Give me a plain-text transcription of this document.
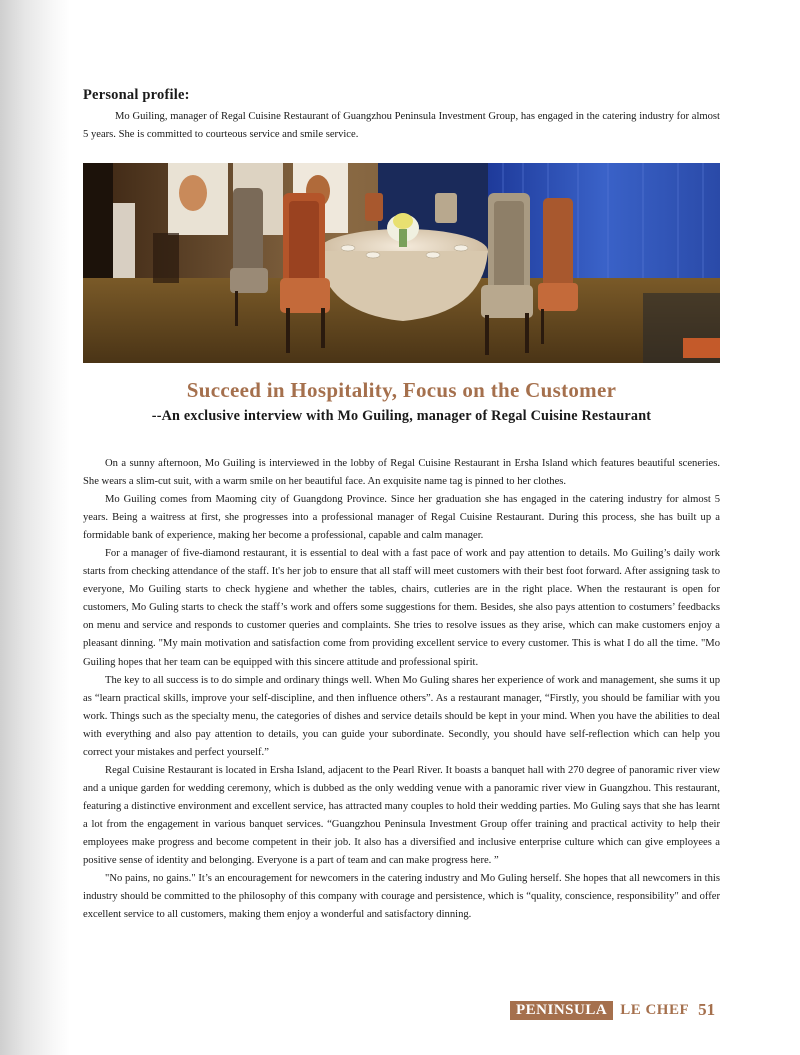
Personal profile:

Mo Guiling, manager of Regal Cuisine Restaurant of Guangzhou Peninsula Investment Group, has engaged in the catering industry for almost 5 years. She is committed to courteous service and smile service.

Succeed in Hospitality, Focus on the Customer
--An exclusive interview with Mo Guiling, manager of Regal Cuisine Restaurant

On a sunny afternoon, Mo Guiling is interviewed in the lobby of Regal Cuisine Restaurant in Ersha Island which features beautiful sceneries. She wears a slim-cut suit, with a warm smile on her beautiful face. An exquisite name tag is pinned to her clothes.

Mo Guiling comes from Maoming city of Guangdong Province. Since her graduation she has engaged in the catering industry for almost 5 years. Being a waitress at first, she progresses into a professional manager of Regal Cuisine Restaurant. During this process, she has built up a formidable bank of experience, making her become a professional, capable and calm manager.

For a manager of five-diamond restaurant, it is essential to deal with a fast pace of work and pay attention to details. Mo Guiling’s daily work starts from checking attendance of the staff. It's her job to ensure that all staff will meet customers with their best foot forward. After assigning task to everyone, Mo Guiling starts to check hygiene and whether the tables, chairs, cutleries are in the right place. When the restaurant is open for customers, Mo Guling starts to check the staff’s work and offers some suggestions for them. Besides, she also pays attention to costumers’ feedbacks on menu and service and responds to customer queries and complaints. She tries to resolve issues as they arise, which can make customers enjoy a pleasant dinning. "My main motivation and satisfaction come from providing excellent service to every customer. This is what I do all the time. "Mo Guiling hopes that her team can be equipped with this sincere attitude and professional spirit.

The key to all success is to do simple and ordinary things well. When Mo Guling shares her experience of work and management, she sums it up as “learn practical skills, improve your self-discipline, and then influence others”. As a restaurant manager, “Firstly, you should be familiar with you work. Things such as the specialty menu, the categories of dishes and service details should be kept in your mind. When you have the abilities to deal with everything and also pay attention to details, you can guide your subordinate. Secondly, you should have self-reflection which can help you correct your mistakes and perfect yourself.”

Regal Cuisine Restaurant is located in Ersha Island, adjacent to the Pearl River. It boasts a banquet hall with 270 degree of panoramic river view and a unique garden for wedding ceremony, which is dubbed as the only wedding venue with a panoramic river view in Guangzhou. This restaurant, featuring a distinctive environment and excellent service, has attracted many couples to hold their wedding parties. Mo Guling says that she has learnt a lot from the engagement in various banquet services. “Guangzhou Peninsula Investment Group offer training and practical activity to help their employees make progress and become competent in their job. It also has a diversified and inclusive enterprise culture which can give employees a positive sense of identity and belonging. Everyone is a part of team and can make progress here. ”

"No pains, no gains." It’s an encouragement for newcomers in the catering industry and Mo Guling herself. She hopes that all newcomers in this industry should be committed to the philosophy of this company with courage and persistence, which is “quality, conscience, responsibility" and offer excellent service to all customers, making them enjoy a wonderful and satisfactory dinning.

PENINSULA LE CHEF 51
